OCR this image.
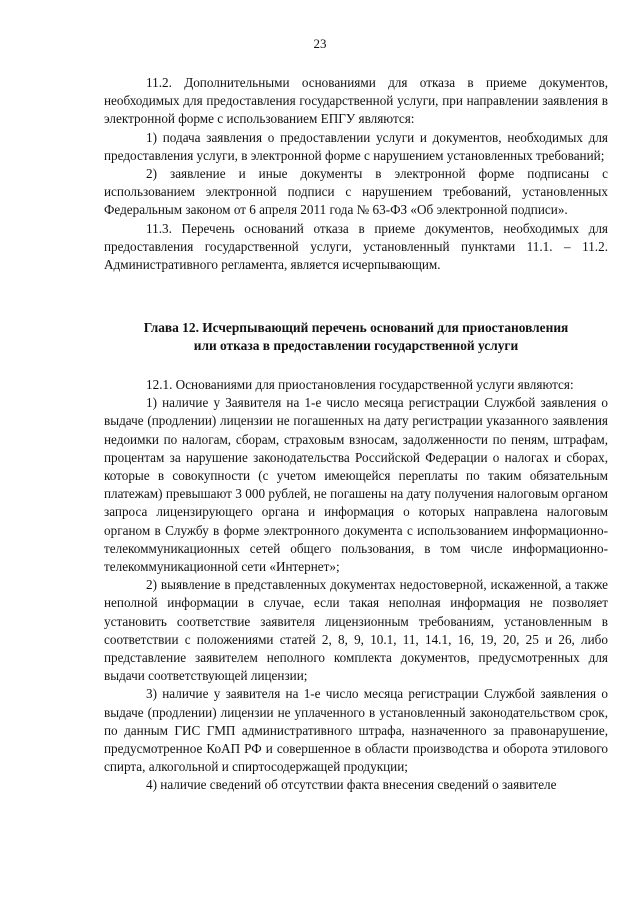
23

11.2. Дополнительными основаниями для отказа в приеме документов, необходимых для предоставления государственной услуги, при направлении заявления в электронной форме с использованием ЕПГУ являются:

1) подача заявления о предоставлении услуги и документов, необходимых для предоставления услуги, в электронной форме с нарушением установленных требований;

2) заявление и иные документы в электронной форме подписаны с использованием электронной подписи с нарушением требований, установленных Федеральным законом от 6 апреля 2011 года № 63-ФЗ «Об электронной подписи».

11.3. Перечень оснований отказа в приеме документов, необходимых для предоставления государственной услуги, установленный пунктами 11.1. – 11.2. Административного регламента, является исчерпывающим.

Глава 12. Исчерпывающий перечень оснований для приостановления
или отказа в предоставлении государственной услуги

12.1. Основаниями для приостановления государственной услуги являются:

1) наличие у Заявителя на 1-е число месяца регистрации Службой заявления о выдаче (продлении) лицензии не погашенных на дату регистрации указанного заявления недоимки по налогам, сборам, страховым взносам, задолженности по пеням, штрафам, процентам за нарушение законодательства Российской Федерации о налогах и сборах, которые в совокупности (с учетом имеющейся переплаты по таким обязательным платежам) превышают 3 000 рублей, не погашены на дату получения налоговым органом запроса лицензирующего органа и информация о которых направлена налоговым органом в Службу в форме электронного документа с использованием информационно-телекоммуникационных сетей общего пользования, в том числе информационно-телекоммуникационной сети «Интернет»;

2) выявление в представленных документах недостоверной, искаженной, а также неполной информации в случае, если такая неполная информация не позволяет установить соответствие заявителя лицензионным требованиям, установленным в соответствии с положениями статей 2, 8, 9, 10.1, 11, 14.1, 16, 19, 20, 25 и 26, либо представление заявителем неполного комплекта документов, предусмотренных для выдачи соответствующей лицензии;

3) наличие у заявителя на 1-е число месяца регистрации Службой заявления о выдаче (продлении) лицензии не уплаченного в установленный законодательством срок, по данным ГИС ГМП административного штрафа, назначенного за правонарушение, предусмотренное КоАП РФ и совершенное в области производства и оборота этилового спирта, алкогольной и спиртосодержащей продукции;

4) наличие сведений об отсутствии факта внесения сведений о заявителе
